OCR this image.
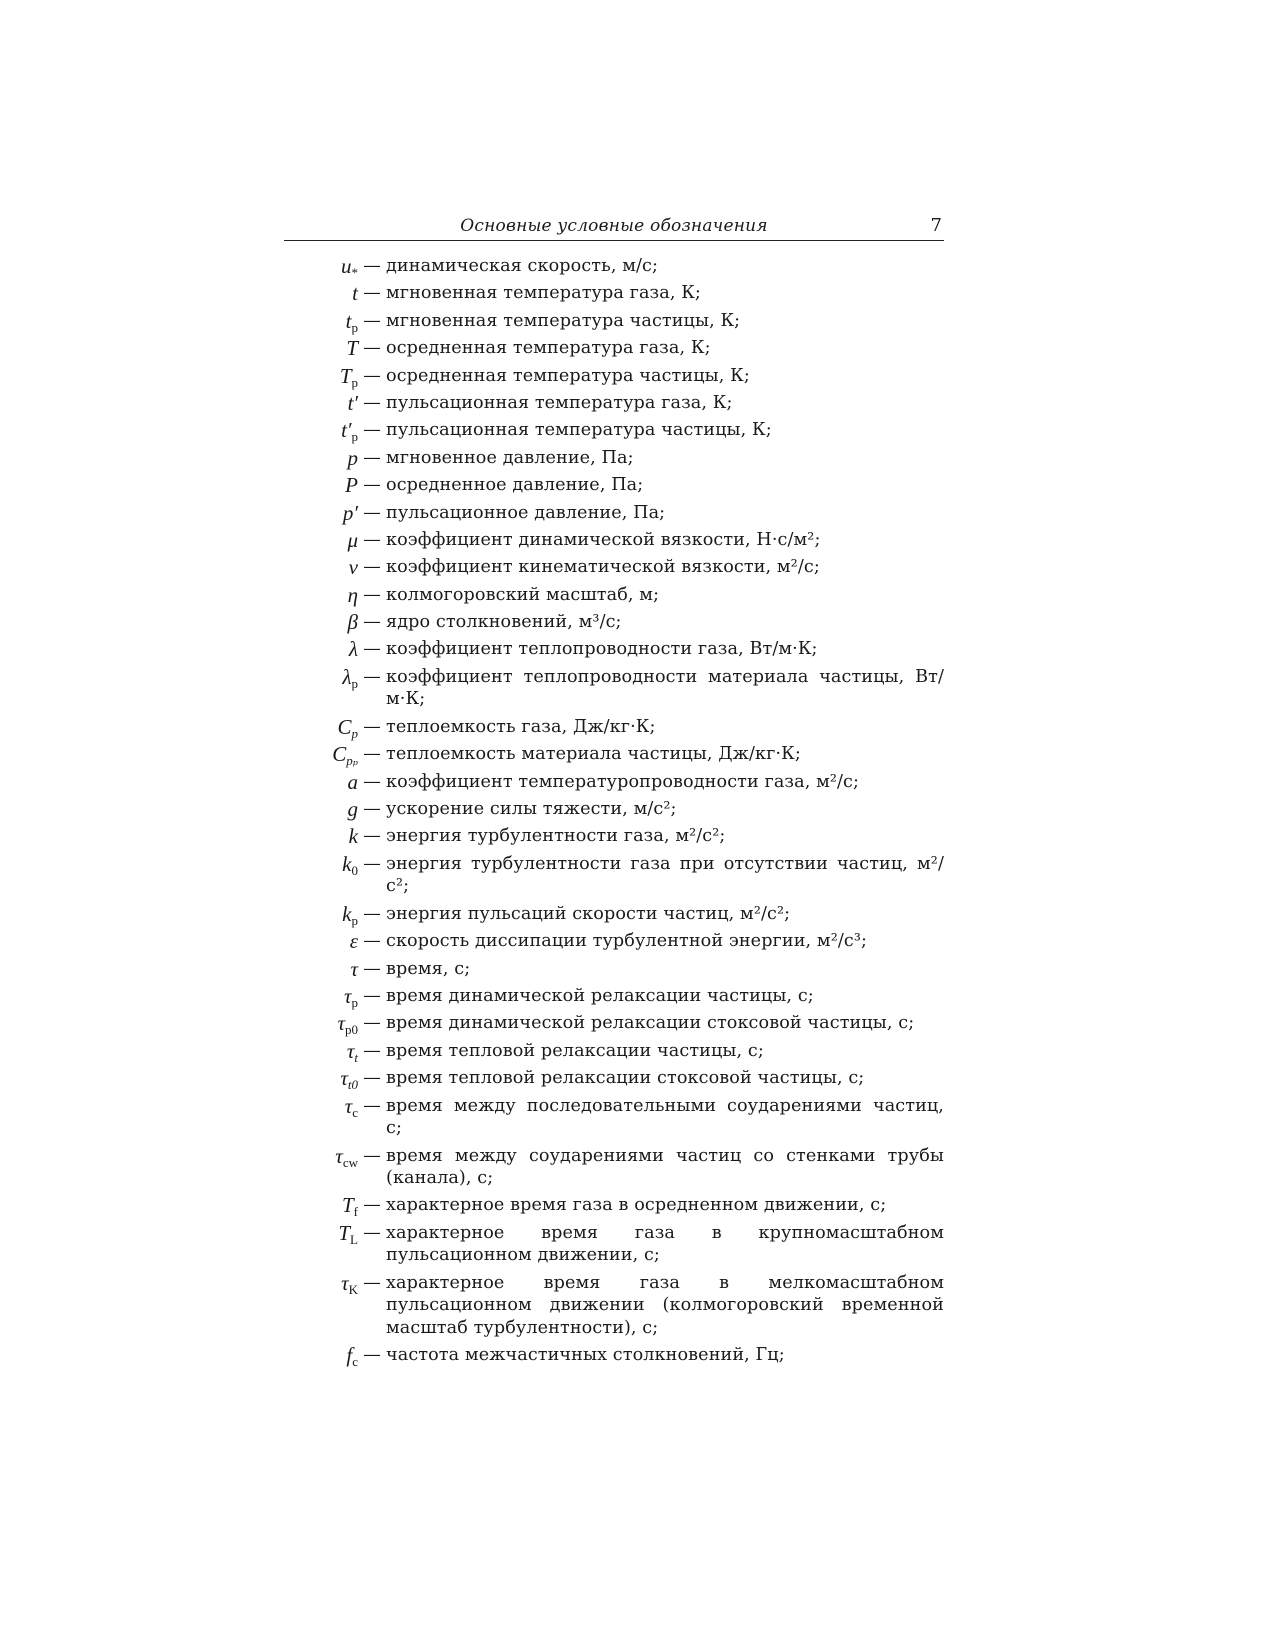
Основные условные обозначения	7
$u_*$ — динамическая скорость, м/с;
t — мгновенная температура газа, К;
$t_p$ — мгновенная температура частицы, К;
T — осредненная температура газа, К;
$T_p$ — осредненная температура частицы, К;
t′ — пульсационная температура газа, К;
$t'_p$ — пульсационная температура частицы, К;
p — мгновенное давление, Па;
P — осредненное давление, Па;
p′ — пульсационное давление, Па;
μ — коэффициент динамической вязкости, Н·с/м²;
ν — коэффициент кинематической вязкости, м²/с;
η — колмогоровский масштаб, м;
β — ядро столкновений, м³/с;
λ — коэффициент теплопроводности газа, Вт/м·К;
$\lambda_p$ — коэффициент теплопроводности материала частицы, Вт/м·К;
$C_p$ — теплоемкость газа, Дж/кг·К;
$C_{p_p}$ — теплоемкость материала частицы, Дж/кг·К;
a — коэффициент температуропроводности газа, м²/с;
g — ускорение силы тяжести, м/с²;
k — энергия турбулентности газа, м²/с²;
$k_0$ — энергия турбулентности газа при отсутствии частиц, м²/с²;
$k_p$ — энергия пульсаций скорости частиц, м²/с²;
ε — скорость диссипации турбулентной энергии, м²/с³;
τ — время, с;
$\tau_p$ — время динамической релаксации частицы, с;
$\tau_{p0}$ — время динамической релаксации стоксовой частицы, с;
$\tau_t$ — время тепловой релаксации частицы, с;
$\tau_{t0}$ — время тепловой релаксации стоксовой частицы, с;
$\tau_c$ — время между последовательными соударениями частиц, с;
$\tau_{cw}$ — время между соударениями частиц со стенками трубы (канала), с;
$T_f$ — характерное время газа в осредненном движении, с;
$T_L$ — характерное время газа в крупномасштабном пульсационном движении, с;
$\tau_K$ — характерное время газа в мелкомасштабном пульсационном движении (колмогоровский временной масштаб турбулентности), с;
$f_c$ — частота межчастичных столкновений, Гц;
